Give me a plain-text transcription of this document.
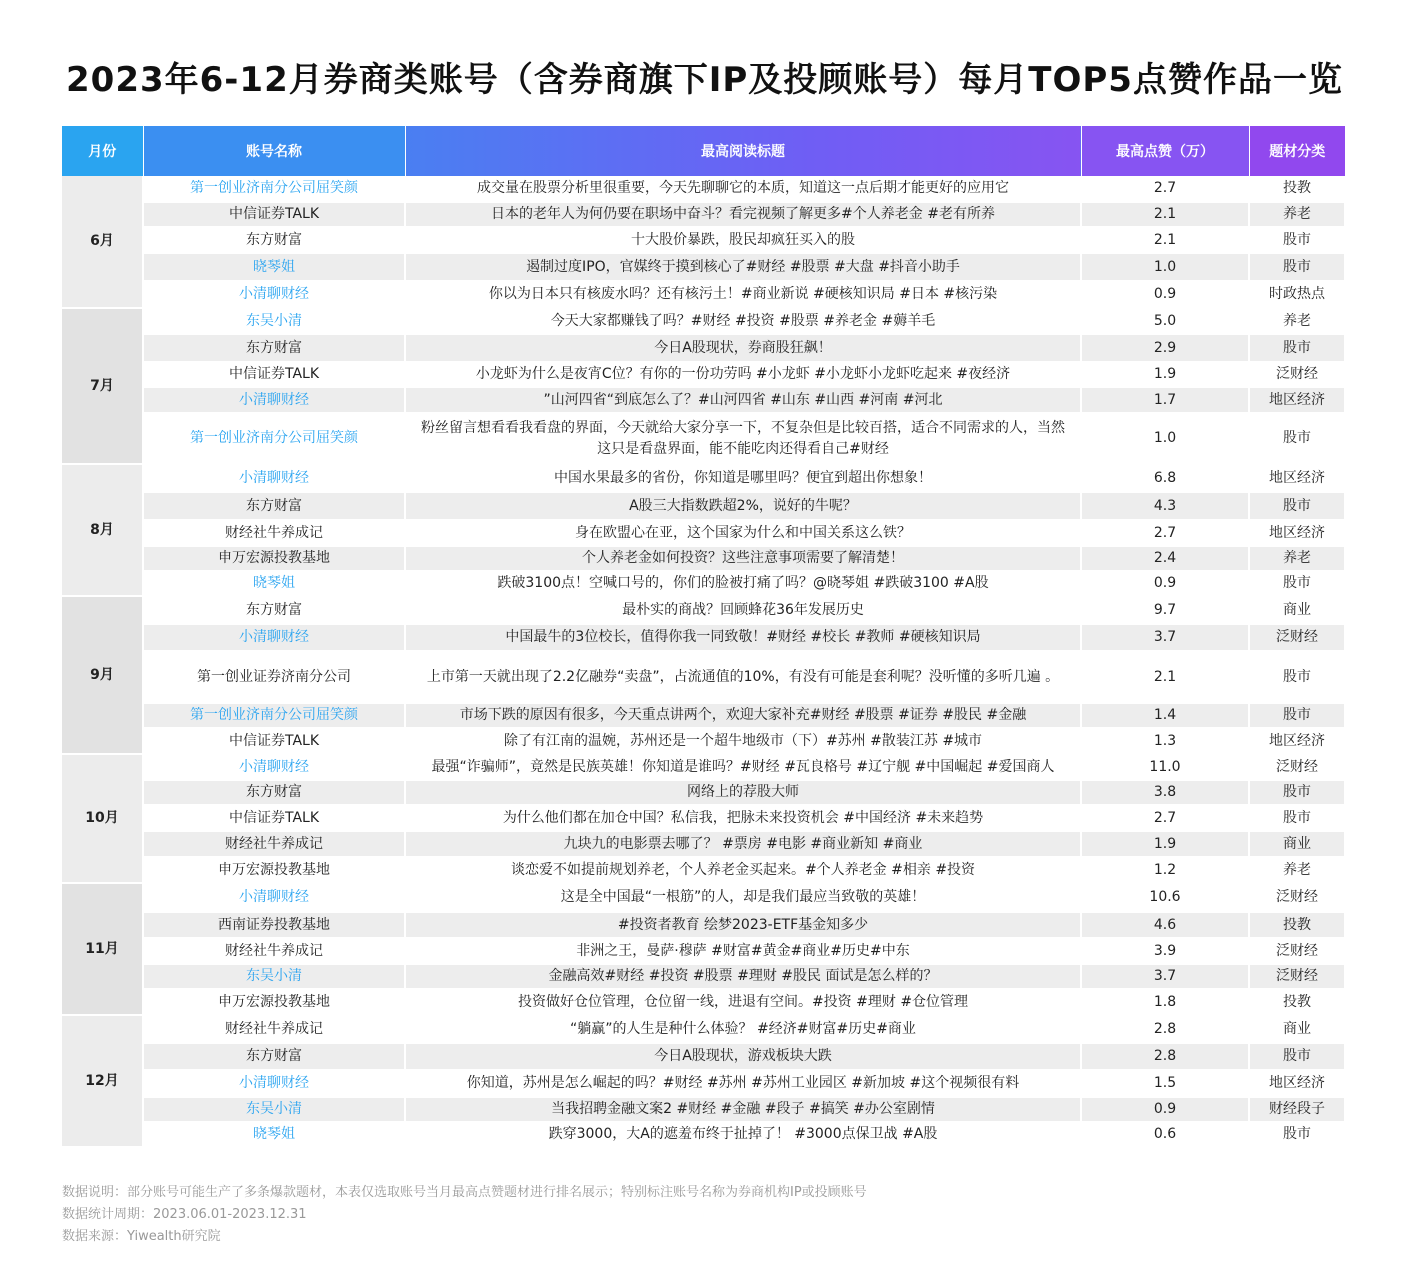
2023年6-12月券商类账号（含券商旗下IP及投顾账号）每月TOP5点赞作品一览
月份	账号名称	最高阅读标题	最高点赞（万）	题材分类
6月	第一创业济南分公司屈笑颜	成交量在股票分析里很重要，今天先聊聊它的本质，知道这一点后期才能更好的应用它	2.7	投教
	中信证券TALK	日本的老年人为何仍要在职场中奋斗？看完视频了解更多#个人养老金 #老有所养	2.1	养老
	东方财富	十大股价暴跌，股民却疯狂买入的股	2.1	股市
	晓琴姐	遏制过度IPO，官媒终于摸到核心了#财经 #股票 #大盘 #抖音小助手	1.0	股市
	小清聊财经	你以为日本只有核废水吗？还有核污土！#商业新说 #硬核知识局 #日本 #核污染	0.9	时政热点
7月	东吴小清	今天大家都赚钱了吗？#财经 #投资 #股票 #养老金 #薅羊毛	5.0	养老
	东方财富	今日A股现状，券商股狂飙！	2.9	股市
	中信证券TALK	小龙虾为什么是夜宵C位？有你的一份功劳吗 #小龙虾 #小龙虾小龙虾吃起来 #夜经济	1.9	泛财经
	小清聊财经	”山河四省“到底怎么了？#山河四省 #山东 #山西 #河南 #河北	1.7	地区经济
	第一创业济南分公司屈笑颜	粉丝留言想看看我看盘的界面，今天就给大家分享一下，不复杂但是比较百搭，适合不同需求的人，当然这只是看盘界面，能不能吃肉还得看自己#财经	1.0	股市
8月	小清聊财经	中国水果最多的省份，你知道是哪里吗？便宜到超出你想象！	6.8	地区经济
	东方财富	A股三大指数跌超2%，说好的牛呢？	4.3	股市
	财经社牛养成记	身在欧盟心在亚，这个国家为什么和中国关系这么铁？	2.7	地区经济
	申万宏源投教基地	个人养老金如何投资？这些注意事项需要了解清楚！	2.4	养老
	晓琴姐	跌破3100点！空喊口号的，你们的脸被打痛了吗？@晓琴姐 #跌破3100 #A股	0.9	股市
9月	东方财富	最朴实的商战？回顾蜂花36年发展历史	9.7	商业
	小清聊财经	中国最牛的3位校长，值得你我一同致敬！#财经 #校长 #教师 #硬核知识局	3.7	泛财经
	第一创业证券济南分公司	上市第一天就出现了2.2亿融券“卖盘”，占流通值的10%，有没有可能是套利呢？没听懂的多听几遍 。	2.1	股市
	第一创业济南分公司屈笑颜	市场下跌的原因有很多，今天重点讲两个，欢迎大家补充#财经 #股票 #证券 #股民 #金融	1.4	股市
	中信证券TALK	除了有江南的温婉，苏州还是一个超牛地级市（下）#苏州 #散装江苏 #城市	1.3	地区经济
10月	小清聊财经	最强“诈骗师”，竟然是民族英雄！你知道是谁吗？#财经 #瓦良格号 #辽宁舰 #中国崛起 #爱国商人	11.0	泛财经
	东方财富	网络上的荐股大师	3.8	股市
	中信证券TALK	为什么他们都在加仓中国？私信我，把脉未来投资机会 #中国经济 #未来趋势	2.7	股市
	财经社牛养成记	九块九的电影票去哪了？ #票房 #电影 #商业新知 #商业	1.9	商业
	申万宏源投教基地	谈恋爱不如提前规划养老，个人养老金买起来。#个人养老金 #相亲 #投资	1.2	养老
11月	小清聊财经	这是全中国最“一根筋”的人，却是我们最应当致敬的英雄！	10.6	泛财经
	西南证券投教基地	#投资者教育 绘梦2023-ETF基金知多少	4.6	投教
	财经社牛养成记	非洲之王，曼萨·穆萨 #财富#黄金#商业#历史#中东	3.9	泛财经
	东吴小清	金融高效#财经 #投资 #股票 #理财 #股民 面试是怎么样的？	3.7	泛财经
	申万宏源投教基地	投资做好仓位管理，仓位留一线，进退有空间。#投资 #理财 #仓位管理	1.8	投教
12月	财经社牛养成记	“躺赢”的人生是种什么体验？ #经济#财富#历史#商业	2.8	商业
	东方财富	今日A股现状，游戏板块大跌	2.8	股市
	小清聊财经	你知道，苏州是怎么崛起的吗？#财经 #苏州 #苏州工业园区 #新加坡 #这个视频很有料	1.5	地区经济
	东吴小清	当我招聘金融文案2 #财经 #金融 #段子 #搞笑 #办公室剧情	0.9	财经段子
	晓琴姐	跌穿3000，大A的遮羞布终于扯掉了！ #3000点保卫战 #A股	0.6	股市
数据说明：部分账号可能生产了多条爆款题材，本表仅选取账号当月最高点赞题材进行排名展示；特别标注账号名称为券商机构IP或投顾账号
数据统计周期：2023.06.01-2023.12.31
数据来源：Yiwealth研究院
